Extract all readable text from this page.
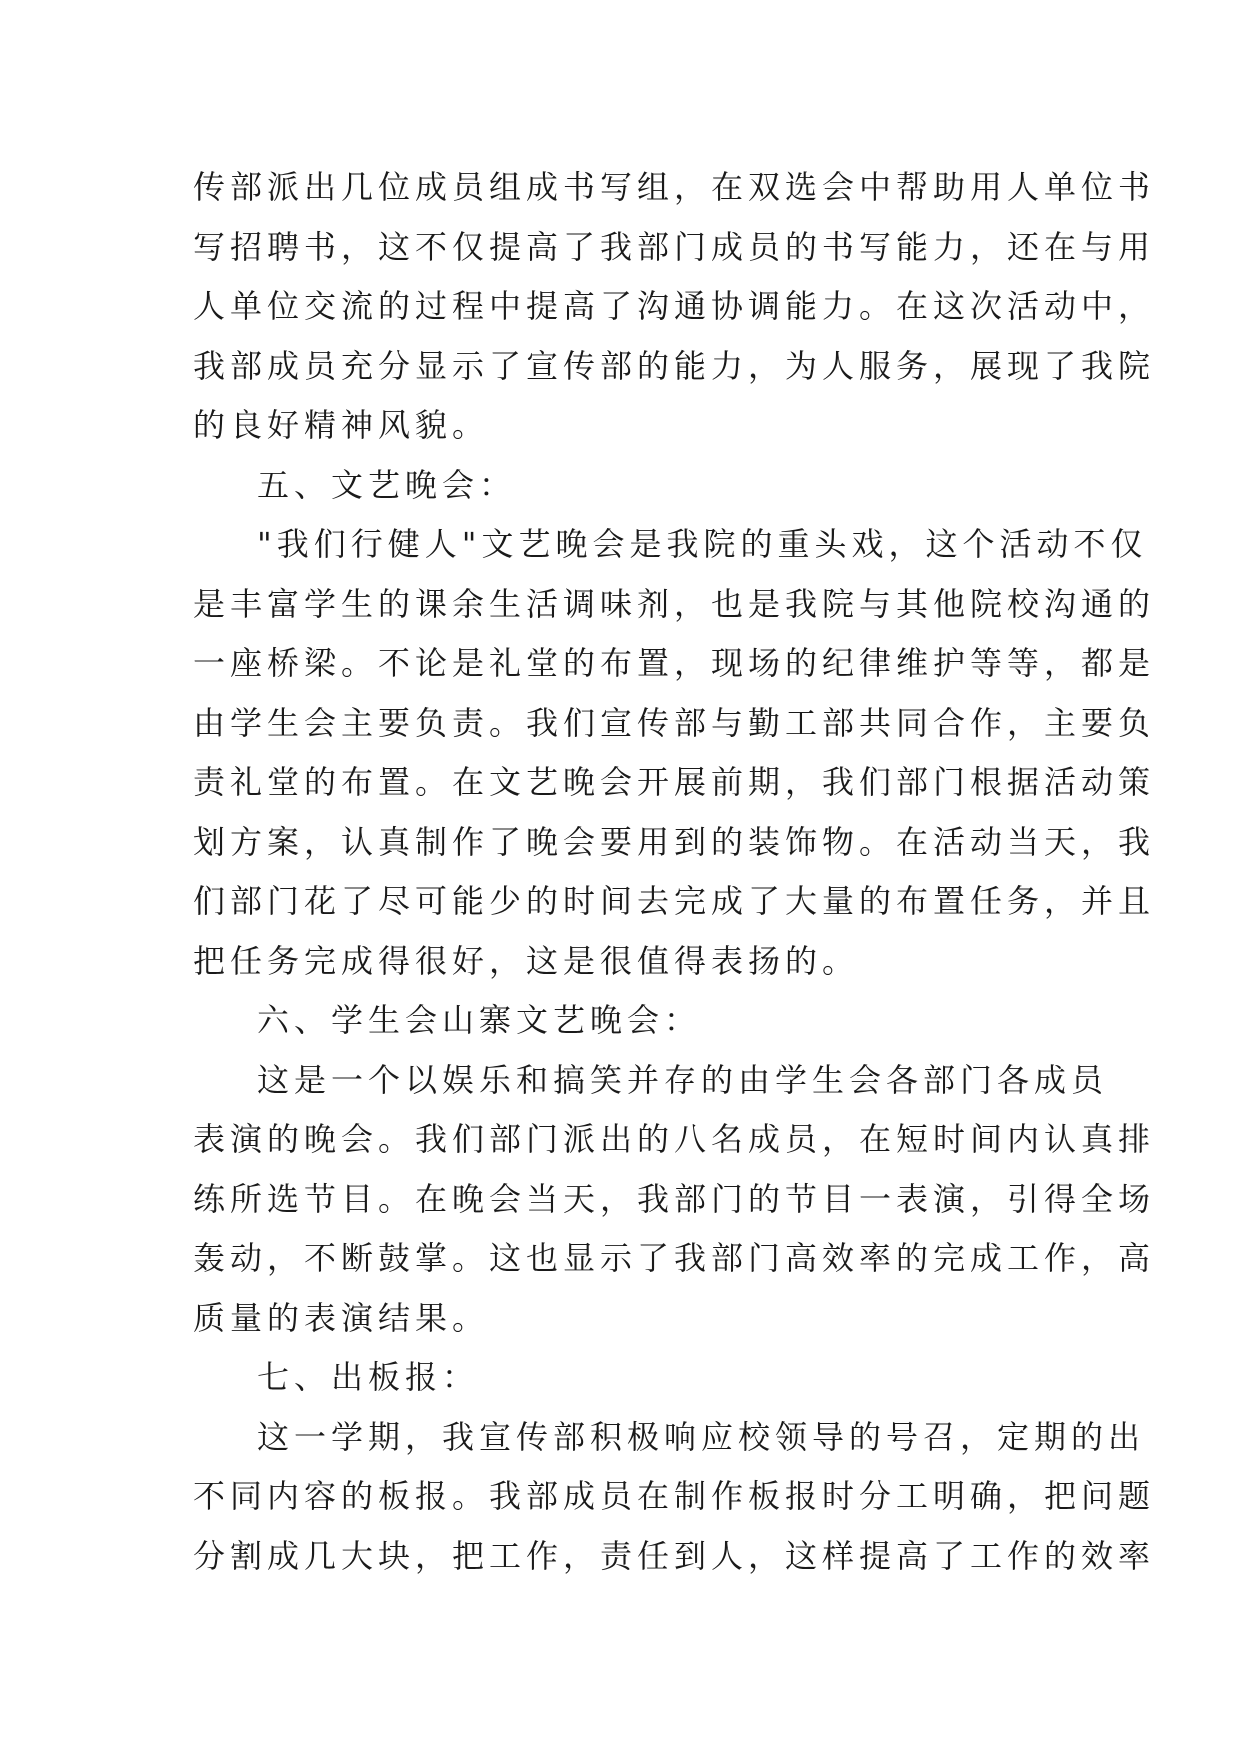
传部派出几位成员组成书写组，在双选会中帮助用人单位书
写招聘书，这不仅提高了我部门成员的书写能力，还在与用
人单位交流的过程中提高了沟通协调能力。在这次活动中，
我部成员充分显示了宣传部的能力，为人服务，展现了我院
的良好精神风貌。
五、文艺晚会：
"我们行健人"文艺晚会是我院的重头戏，这个活动不仅
是丰富学生的课余生活调味剂，也是我院与其他院校沟通的
一座桥梁。不论是礼堂的布置，现场的纪律维护等等，都是
由学生会主要负责。我们宣传部与勤工部共同合作，主要负
责礼堂的布置。在文艺晚会开展前期，我们部门根据活动策
划方案，认真制作了晚会要用到的装饰物。在活动当天，我
们部门花了尽可能少的时间去完成了大量的布置任务，并且
把任务完成得很好，这是很值得表扬的。
六、学生会山寨文艺晚会：
这是一个以娱乐和搞笑并存的由学生会各部门各成员
表演的晚会。我们部门派出的八名成员，在短时间内认真排
练所选节目。在晚会当天，我部门的节目一表演，引得全场
轰动，不断鼓掌。这也显示了我部门高效率的完成工作，高
质量的表演结果。
七、出板报：
这一学期，我宣传部积极响应校领导的号召，定期的出
不同内容的板报。我部成员在制作板报时分工明确，把问题
分割成几大块，把工作，责任到人，这样提高了工作的效率
